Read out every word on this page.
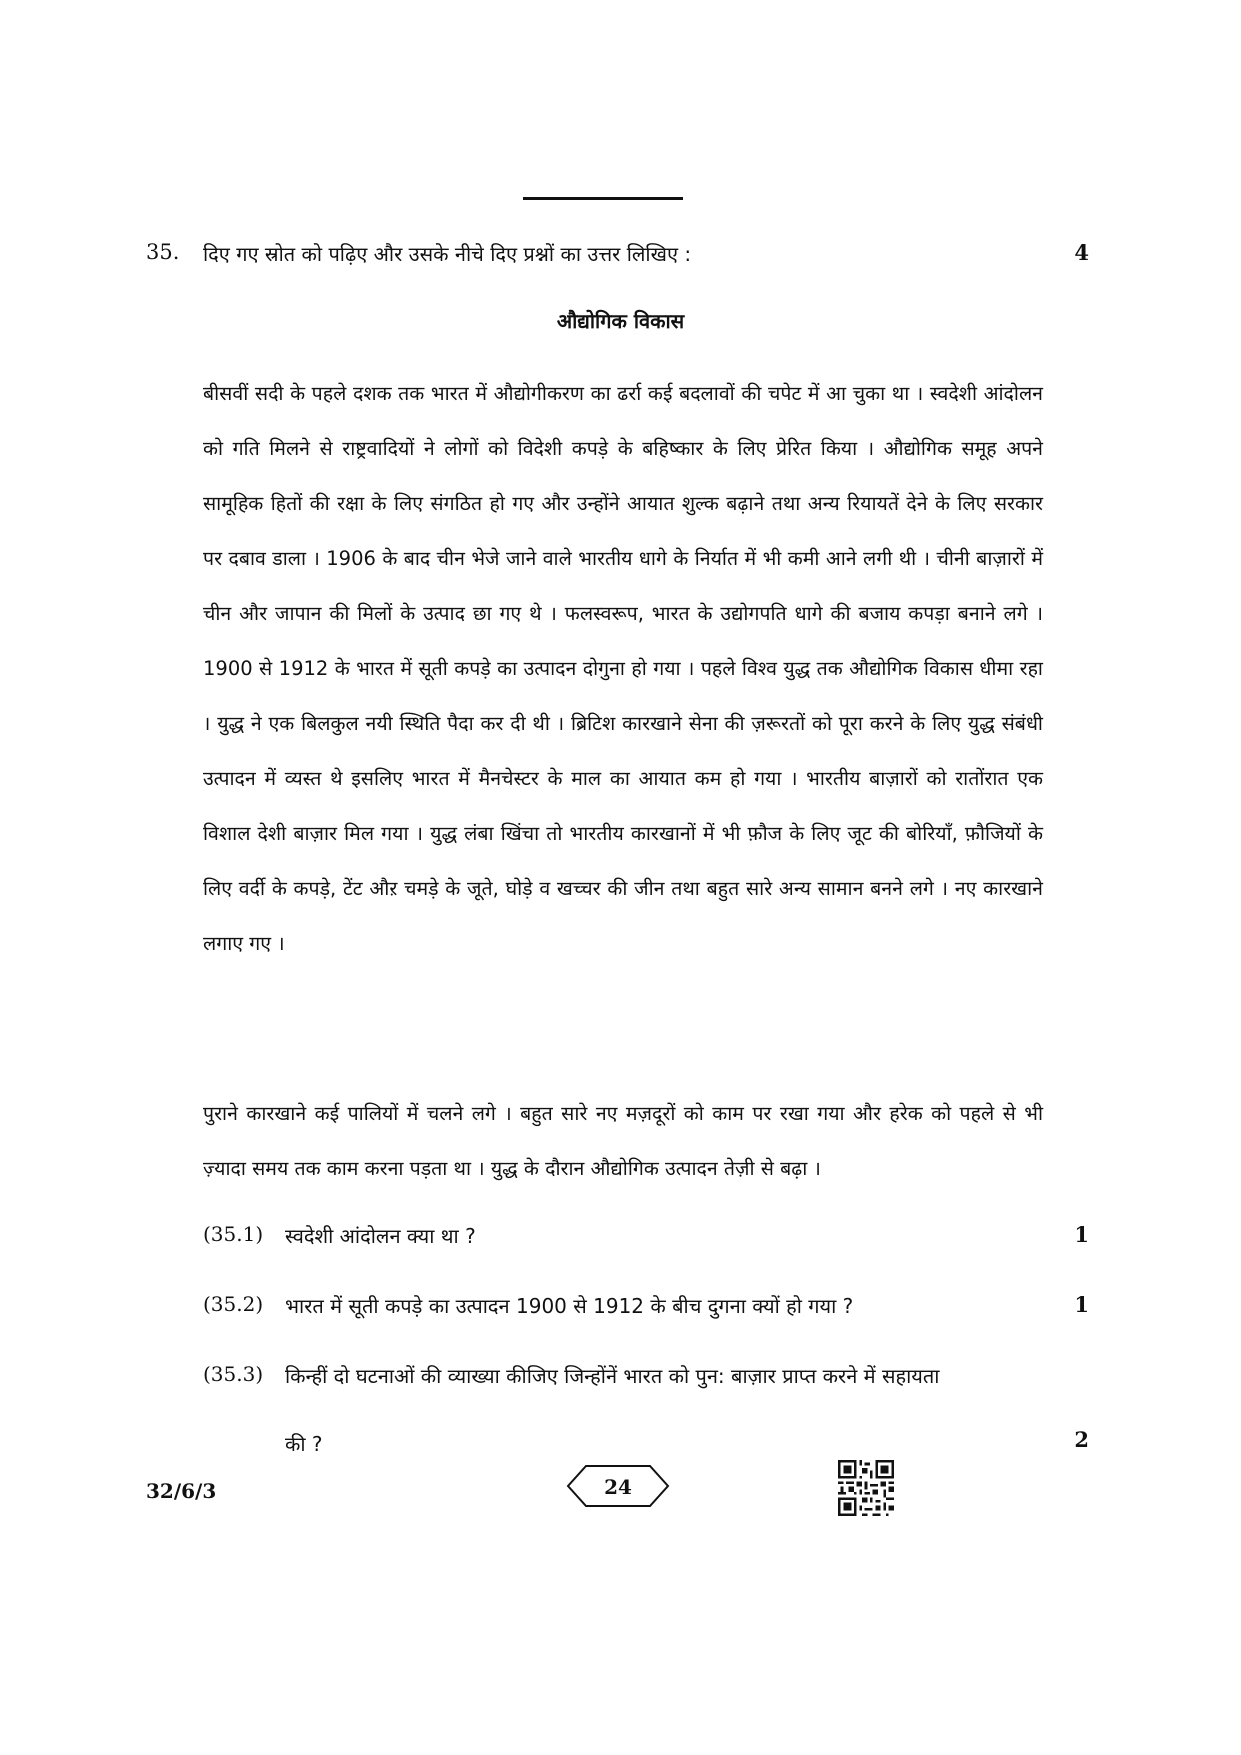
35. दिए गए स्रोत को पढ़िए और उसके नीचे दिए प्रश्नों का उत्तर लिखिए :	4
औद्योगिक विकास

बीसवीं सदी के पहले दशक तक भारत में औद्योगीकरण का ढर्रा कई बदलावों की चपेट में आ चुका था । स्वदेशी आंदोलन को गति मिलने से राष्ट्रवादियों ने लोगों को विदेशी कपड़े के बहिष्कार के लिए प्रेरित किया । औद्योगिक समूह अपने सामूहिक हितों की रक्षा के लिए संगठित हो गए और उन्होंने आयात शुल्क बढ़ाने तथा अन्य रियायतें देने के लिए सरकार पर दबाव डाला । 1906 के बाद चीन भेजे जाने वाले भारतीय धागे के निर्यात में भी कमी आने लगी थी । चीनी बाज़ारों में चीन और जापान की मिलों के उत्पाद छा गए थे । फलस्वरूप, भारत के उद्योगपति धागे की बजाय कपड़ा बनाने लगे । 1900 से 1912 के भारत में सूती कपड़े का उत्पादन दोगुना हो गया । पहले विश्व युद्ध तक औद्योगिक विकास धीमा रहा । युद्ध ने एक बिलकुल नयी स्थिति पैदा कर दी थी । ब्रिटिश कारखाने सेना की ज़रूरतों को पूरा करने के लिए युद्ध संबंधी उत्पादन में व्यस्त थे इसलिए भारत में मैनचेस्टर के माल का आयात कम हो गया । भारतीय बाज़ारों को रातोंरात एक विशाल देशी बाज़ार मिल गया । युद्ध लंबा खिंचा तो भारतीय कारखानों में भी फ़ौज के लिए जूट की बोरियाँ, फ़ौजियों के लिए वर्दी के कपड़े, टेंट औऱ चमड़े के जूते, घोड़े व खच्चर की जीन तथा बहुत सारे अन्य सामान बनने लगे । नए कारखाने लगाए गए ।

पुराने कारखाने कई पालियों में चलने लगे । बहुत सारे नए मज़दूरों को काम पर रखा गया और हरेक को पहले से भी ज़्यादा समय तक काम करना पड़ता था । युद्ध के दौरान औद्योगिक उत्पादन तेज़ी से बढ़ा ।

(35.1) स्वदेशी आंदोलन क्या था ?	1
(35.2) भारत में सूती कपड़े का उत्पादन 1900 से 1912 के बीच दुगना क्यों हो गया ?	1
(35.3) किन्हीं दो घटनाओं की व्याख्या कीजिए जिन्होंनें भारत को पुन: बाज़ार प्राप्त करने में सहायता
की ?	2
32/6/3	24
